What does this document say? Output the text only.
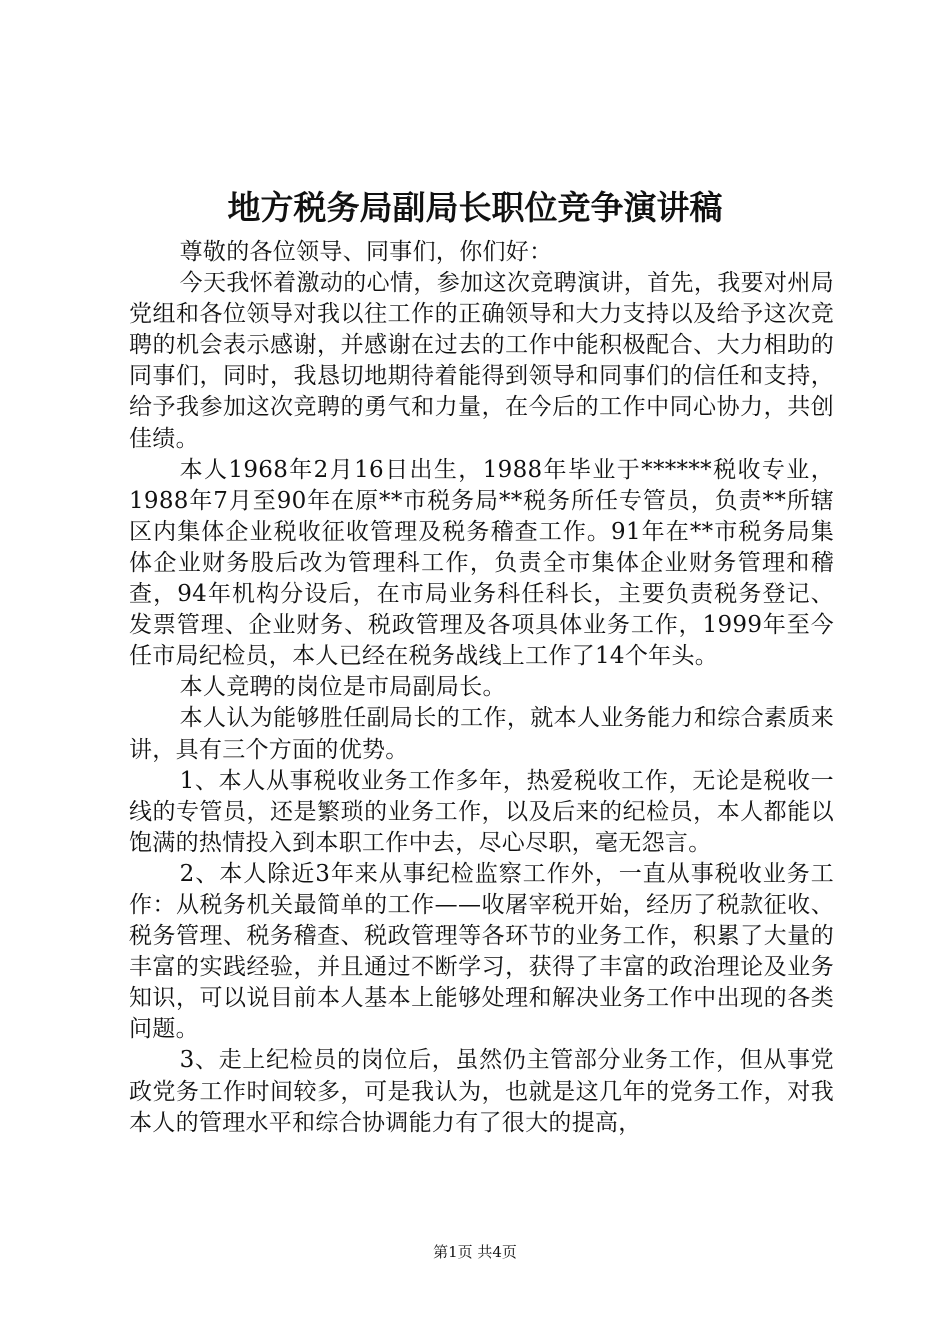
地方税务局副局长职位竞争演讲稿

尊敬的各位领导、同事们，你们好：

今天我怀着激动的心情，参加这次竞聘演讲，首先，我要对州局党组和各位领导对我以往工作的正确领导和大力支持以及给予这次竞聘的机会表示感谢，并感谢在过去的工作中能积极配合、大力相助的同事们，同时，我恳切地期待着能得到领导和同事们的信任和支持，给予我参加这次竞聘的勇气和力量，在今后的工作中同心协力，共创佳绩。

本人1968年2月16日出生，1988年毕业于******税收专业，1988年7月至90年在原**市税务局**税务所任专管员，负责**所辖区内集体企业税收征收管理及税务稽查工作。91年在**市税务局集体企业财务股后改为管理科工作，负责全市集体企业财务管理和稽查，94年机构分设后，在市局业务科任科长，主要负责税务登记、发票管理、企业财务、税政管理及各项具体业务工作，1999年至今任市局纪检员，本人已经在税务战线上工作了14个年头。

本人竞聘的岗位是市局副局长。

本人认为能够胜任副局长的工作，就本人业务能力和综合素质来讲，具有三个方面的优势。

1、本人从事税收业务工作多年，热爱税收工作，无论是税收一线的专管员，还是繁琐的业务工作，以及后来的纪检员，本人都能以饱满的热情投入到本职工作中去，尽心尽职，毫无怨言。

2、本人除近3年来从事纪检监察工作外，一直从事税收业务工作：从税务机关最简单的工作——收屠宰税开始，经历了税款征收、税务管理、税务稽查、税政管理等各环节的业务工作，积累了大量的丰富的实践经验，并且通过不断学习，获得了丰富的政治理论及业务知识，可以说目前本人基本上能够处理和解决业务工作中出现的各类问题。

3、走上纪检员的岗位后，虽然仍主管部分业务工作，但从事党政党务工作时间较多，可是我认为，也就是这几年的党务工作，对我本人的管理水平和综合协调能力有了很大的提高，

第1页 共4页
